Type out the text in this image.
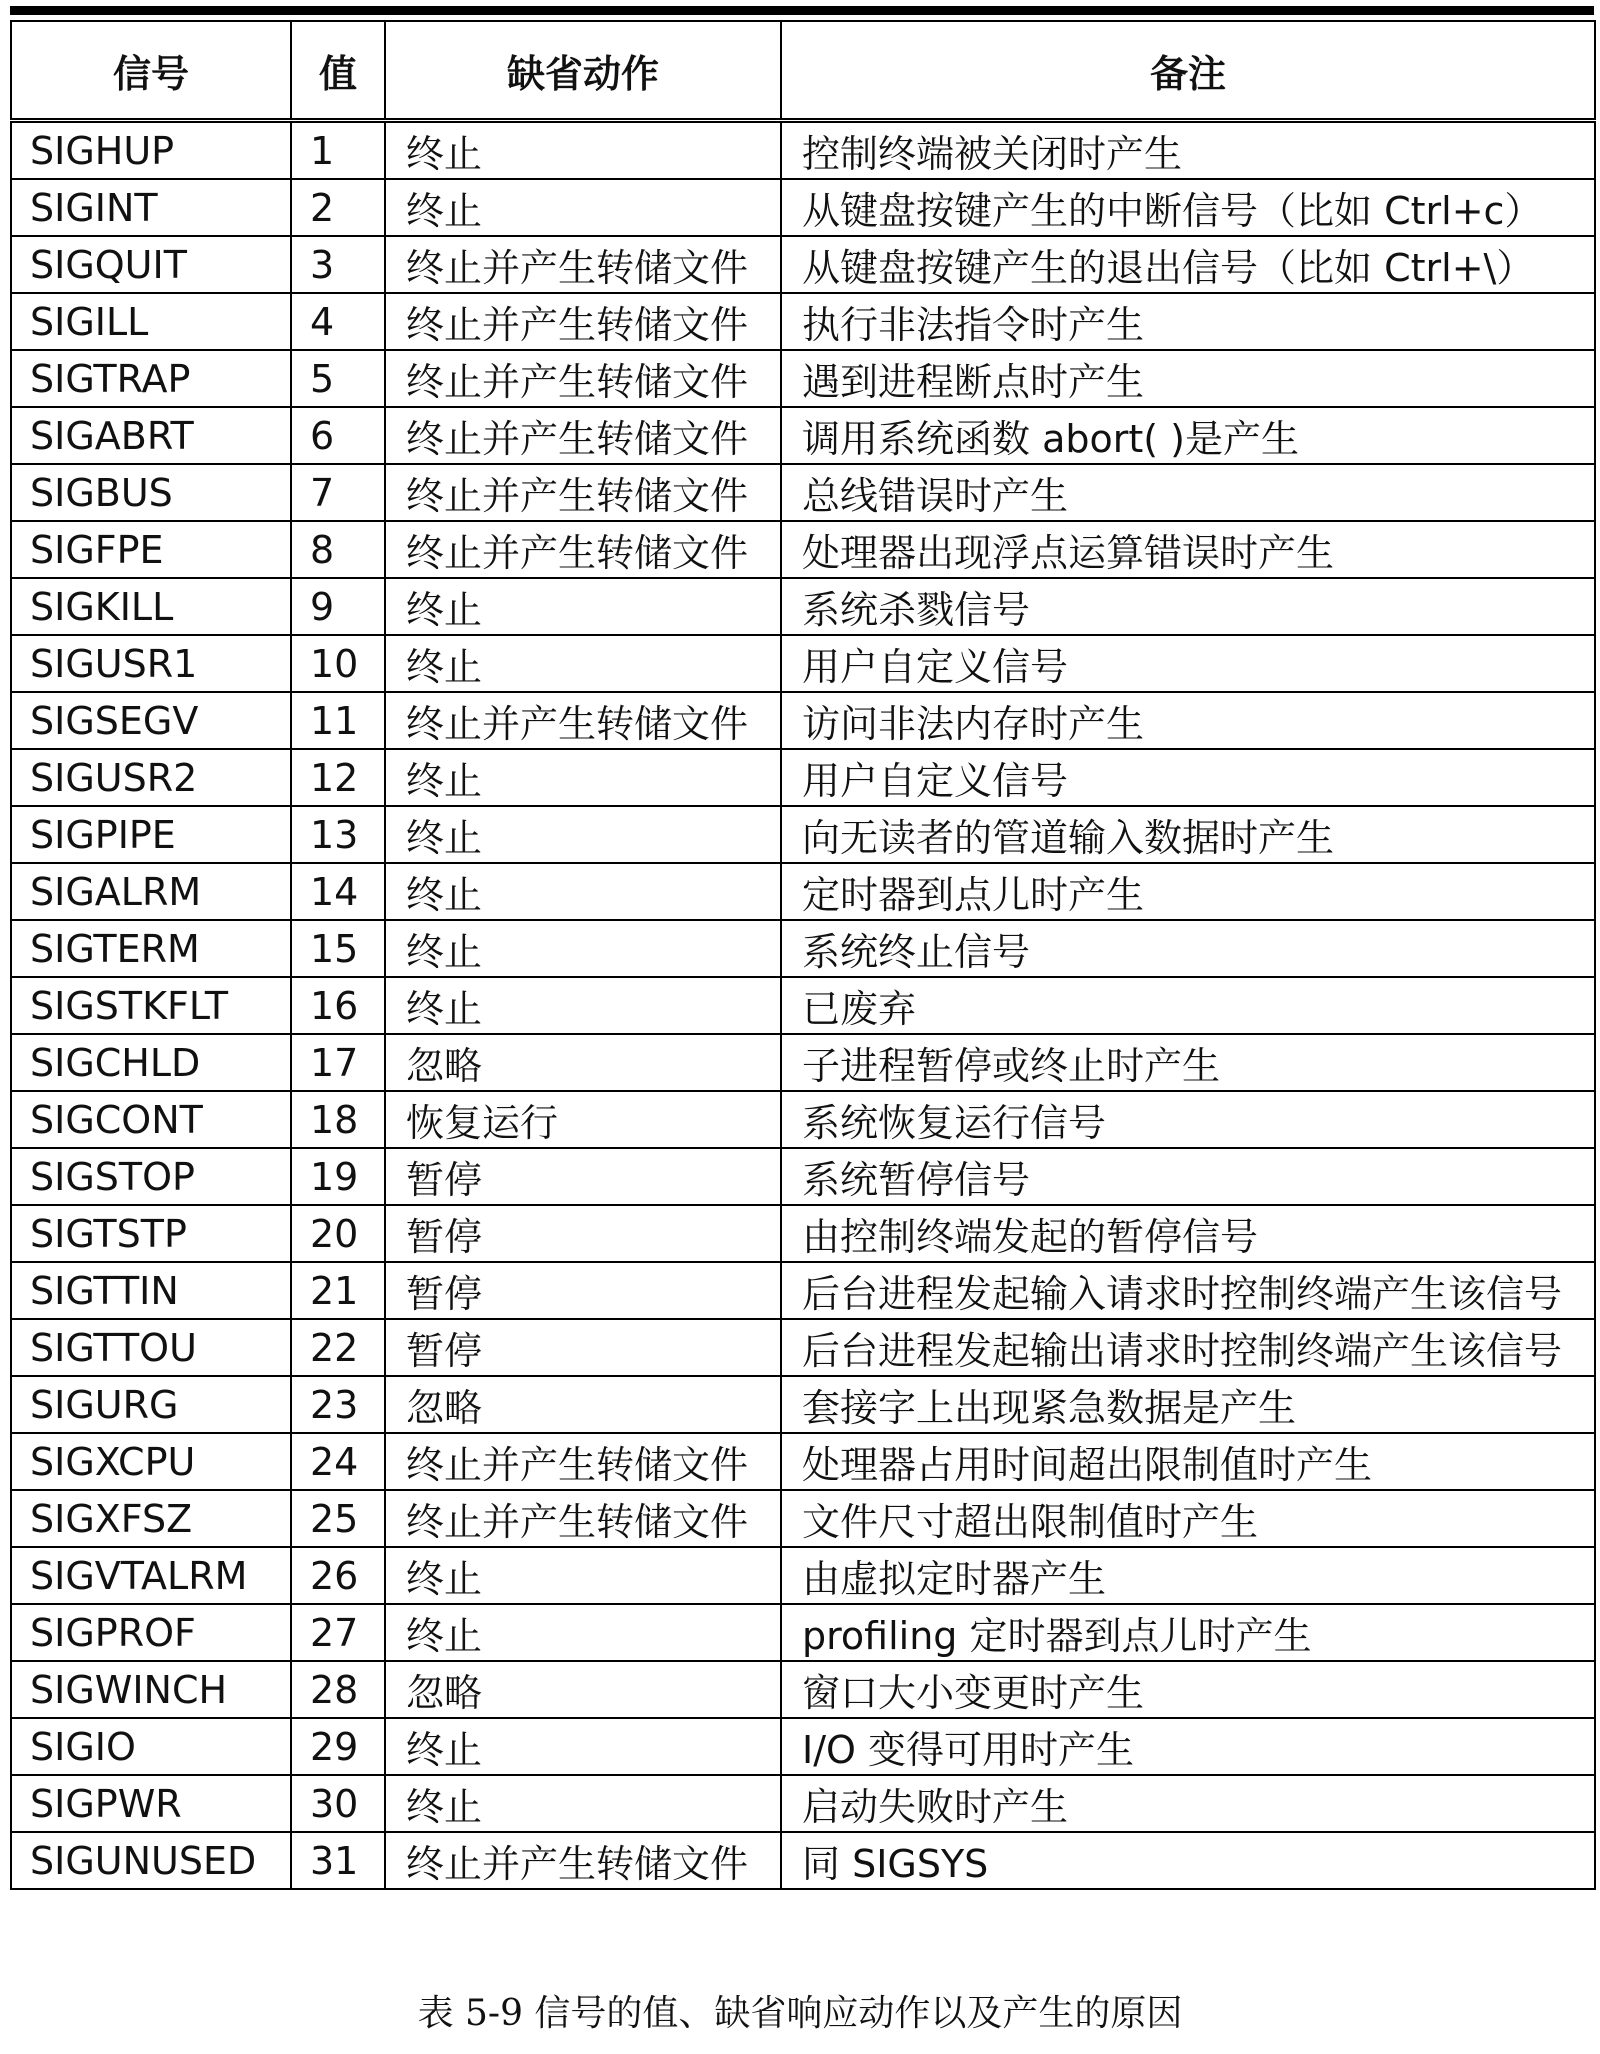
信号	值	缺省动作	备注
SIGHUP	1	终止	控制终端被关闭时产生
SIGINT	2	终止	从键盘按键产生的中断信号（比如 Ctrl+c）
SIGQUIT	3	终止并产生转储文件	从键盘按键产生的退出信号（比如 Ctrl+\）
SIGILL	4	终止并产生转储文件	执行非法指令时产生
SIGTRAP	5	终止并产生转储文件	遇到进程断点时产生
SIGABRT	6	终止并产生转储文件	调用系统函数 abort( )是产生
SIGBUS	7	终止并产生转储文件	总线错误时产生
SIGFPE	8	终止并产生转储文件	处理器出现浮点运算错误时产生
SIGKILL	9	终止	系统杀戮信号
SIGUSR1	10	终止	用户自定义信号
SIGSEGV	11	终止并产生转储文件	访问非法内存时产生
SIGUSR2	12	终止	用户自定义信号
SIGPIPE	13	终止	向无读者的管道输入数据时产生
SIGALRM	14	终止	定时器到点儿时产生
SIGTERM	15	终止	系统终止信号
SIGSTKFLT	16	终止	已废弃
SIGCHLD	17	忽略	子进程暂停或终止时产生
SIGCONT	18	恢复运行	系统恢复运行信号
SIGSTOP	19	暂停	系统暂停信号
SIGTSTP	20	暂停	由控制终端发起的暂停信号
SIGTTIN	21	暂停	后台进程发起输入请求时控制终端产生该信号
SIGTTOU	22	暂停	后台进程发起输出请求时控制终端产生该信号
SIGURG	23	忽略	套接字上出现紧急数据是产生
SIGXCPU	24	终止并产生转储文件	处理器占用时间超出限制值时产生
SIGXFSZ	25	终止并产生转储文件	文件尺寸超出限制值时产生
SIGVTALRM	26	终止	由虚拟定时器产生
SIGPROF	27	终止	profiling 定时器到点儿时产生
SIGWINCH	28	忽略	窗口大小变更时产生
SIGIO	29	终止	I/O 变得可用时产生
SIGPWR	30	终止	启动失败时产生
SIGUNUSED	31	终止并产生转储文件	同 SIGSYS
表 5-9 信号的值、缺省响应动作以及产生的原因
